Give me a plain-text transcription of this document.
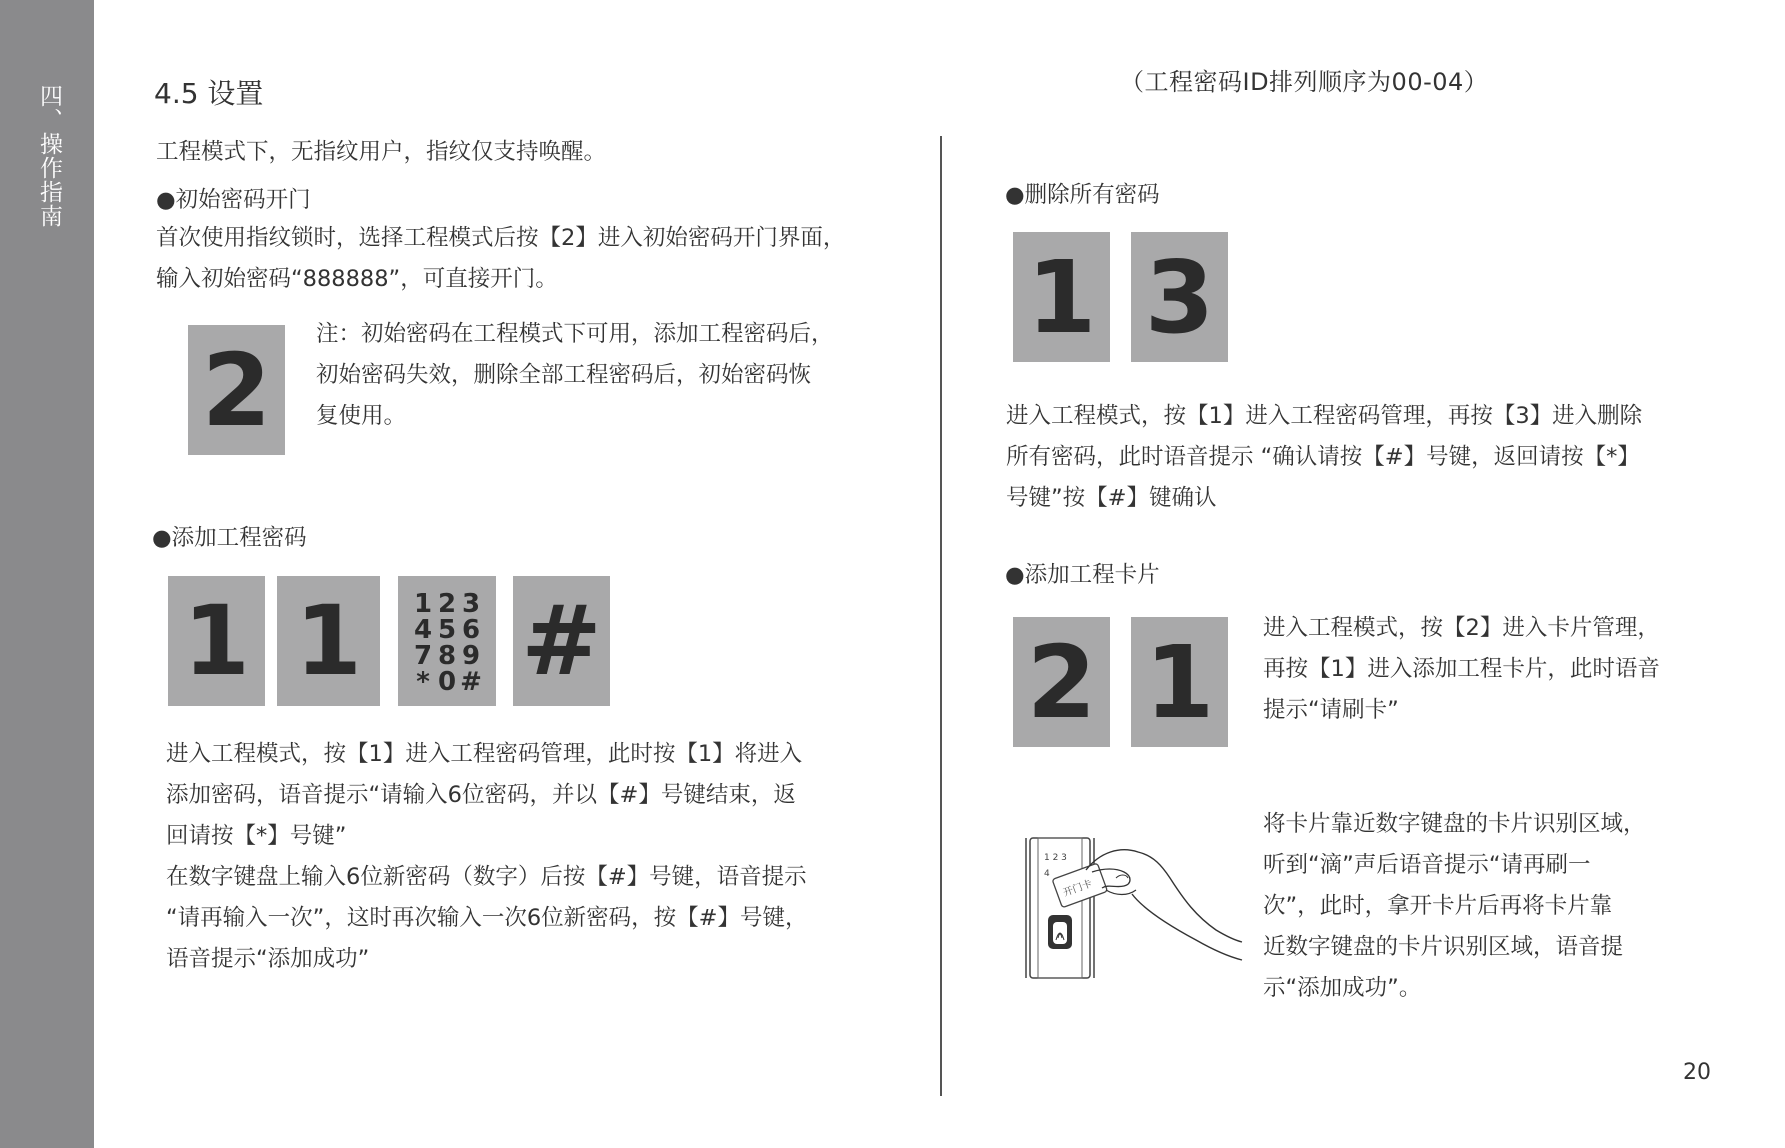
四、操作指南	4.5 设置	（工程密码ID排列顺序为00-04）
工程模式下，无指纹用户，指纹仅支持唤醒。
●初始密码开门
首次使用指纹锁时，选择工程模式后按【2】进入初始密码开门界面，
输入初始密码“888888”，可直接开门。
2	注：初始密码在工程模式下可用，添加工程密码后，
初始密码失效，删除全部工程密码后，初始密码恢
复使用。
●添加工程密码
1 1	1 2 3
4 5 6
7 8 9
* 0 # #
进入工程模式，按【1】进入工程密码管理，此时按【1】将进入
添加密码，语音提示“请输入6位密码，并以【#】号键结束，返
回请按【*】号键”
在数字键盘上输入6位新密码（数字）后按【#】号键，语音提示
“请再输入一次”，这时再次输入一次6位新密码，按【#】号键，
语音提示“添加成功”
●删除所有密码
1 3
进入工程模式，按【1】进入工程密码管理，再按【3】进入删除
所有密码，此时语音提示 “确认请按【#】号键，返回请按【*】
号键”按【#】键确认
●添加工程卡片
2 1	进入工程模式，按【2】进入卡片管理，
再按【1】进入添加工程卡片，此时语音
提示“请刷卡”
1 2 3
4
开门卡
将卡片靠近数字键盘的卡片识别区域，
听到“滴”声后语音提示“请再刷一
次”，此时，拿开卡片后再将卡片靠
近数字键盘的卡片识别区域，语音提
示“添加成功”。
20
